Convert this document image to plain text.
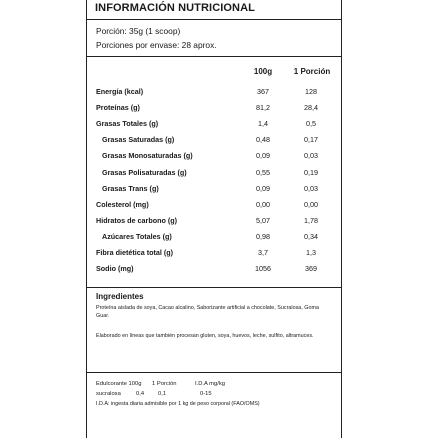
INFORMACIÓN NUTRICIONAL
Porción: 35g (1 scoop)
Porciones por envase: 28 aprox.
100g	1 Porción
Energía (kcal)	367	128
Proteínas (g)	81,2	28,4
Grasas Totales (g)	1,4	0,5
Grasas Saturadas (g)	0,48	0,17
Grasas Monosaturadas (g)	0,09	0,03
Grasas Polisaturadas (g)	0,55	0,19
Grasas Trans (g)	0,09	0,03
Colesterol (mg)	0,00	0,00
Hidratos de carbono (g)	5,07	1,78
Azúcares Totales (g)	0,98	0,34
Fibra dietética total (g)	3,7	1,3
Sodio (mg)	1056	369
Ingredientes
Proteína aislada de soya, Cacao alcalino, Saborizante artificial a chocolate, Sucralosa, Goma Guar.
Elaborado en líneas que también procesan gluten, soya, huevos, leche, sulfito, altramuces.
Edulcorante 100g 1 Porción	I.D.A mg/kg
sucralosa	0,4 0,1	0-15
I.D.A: ingesta diaria admisible por 1 kg de peso corporal (FAO/OMS)
